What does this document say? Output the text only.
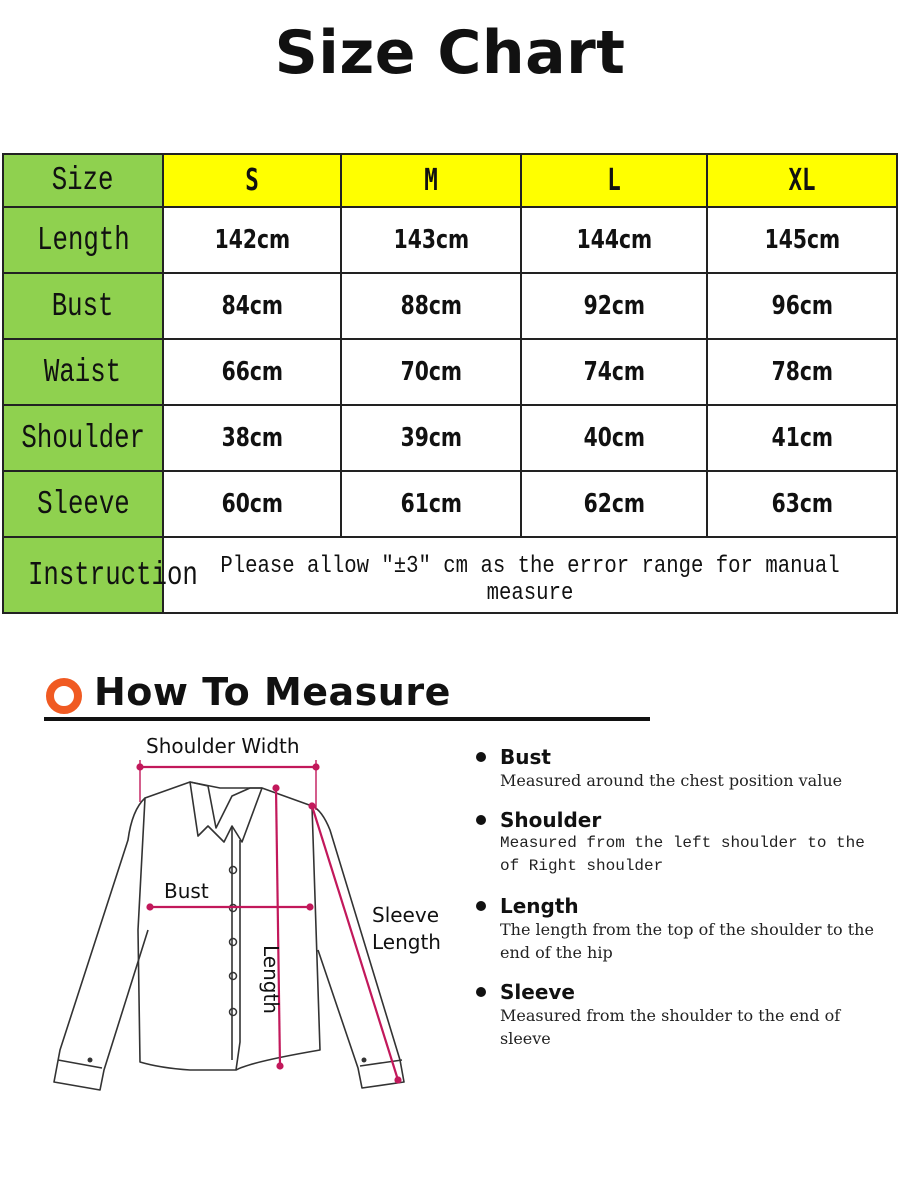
Size Chart
Size	S	M	L	XL
Length	142cm	143cm	144cm	145cm
Bust	84cm	88cm	92cm	96cm
Waist	66cm	70cm	74cm	78cm
Shoulder	38cm	39cm	40cm	41cm
Sleeve	60cm	61cm	62cm	63cm
Instruction	Please allow "±3" cm as the error range for manual measure			
How To Measure
Shoulder Width
Bust
Sleeve
Length
Length
Bust
Measured around the chest position value
Shoulder
Measured from the left shoulder to the of Right shoulder
Length
The length from the top of the shoulder to the end of the hip
Sleeve
Measured from the shoulder to the end of sleeve
